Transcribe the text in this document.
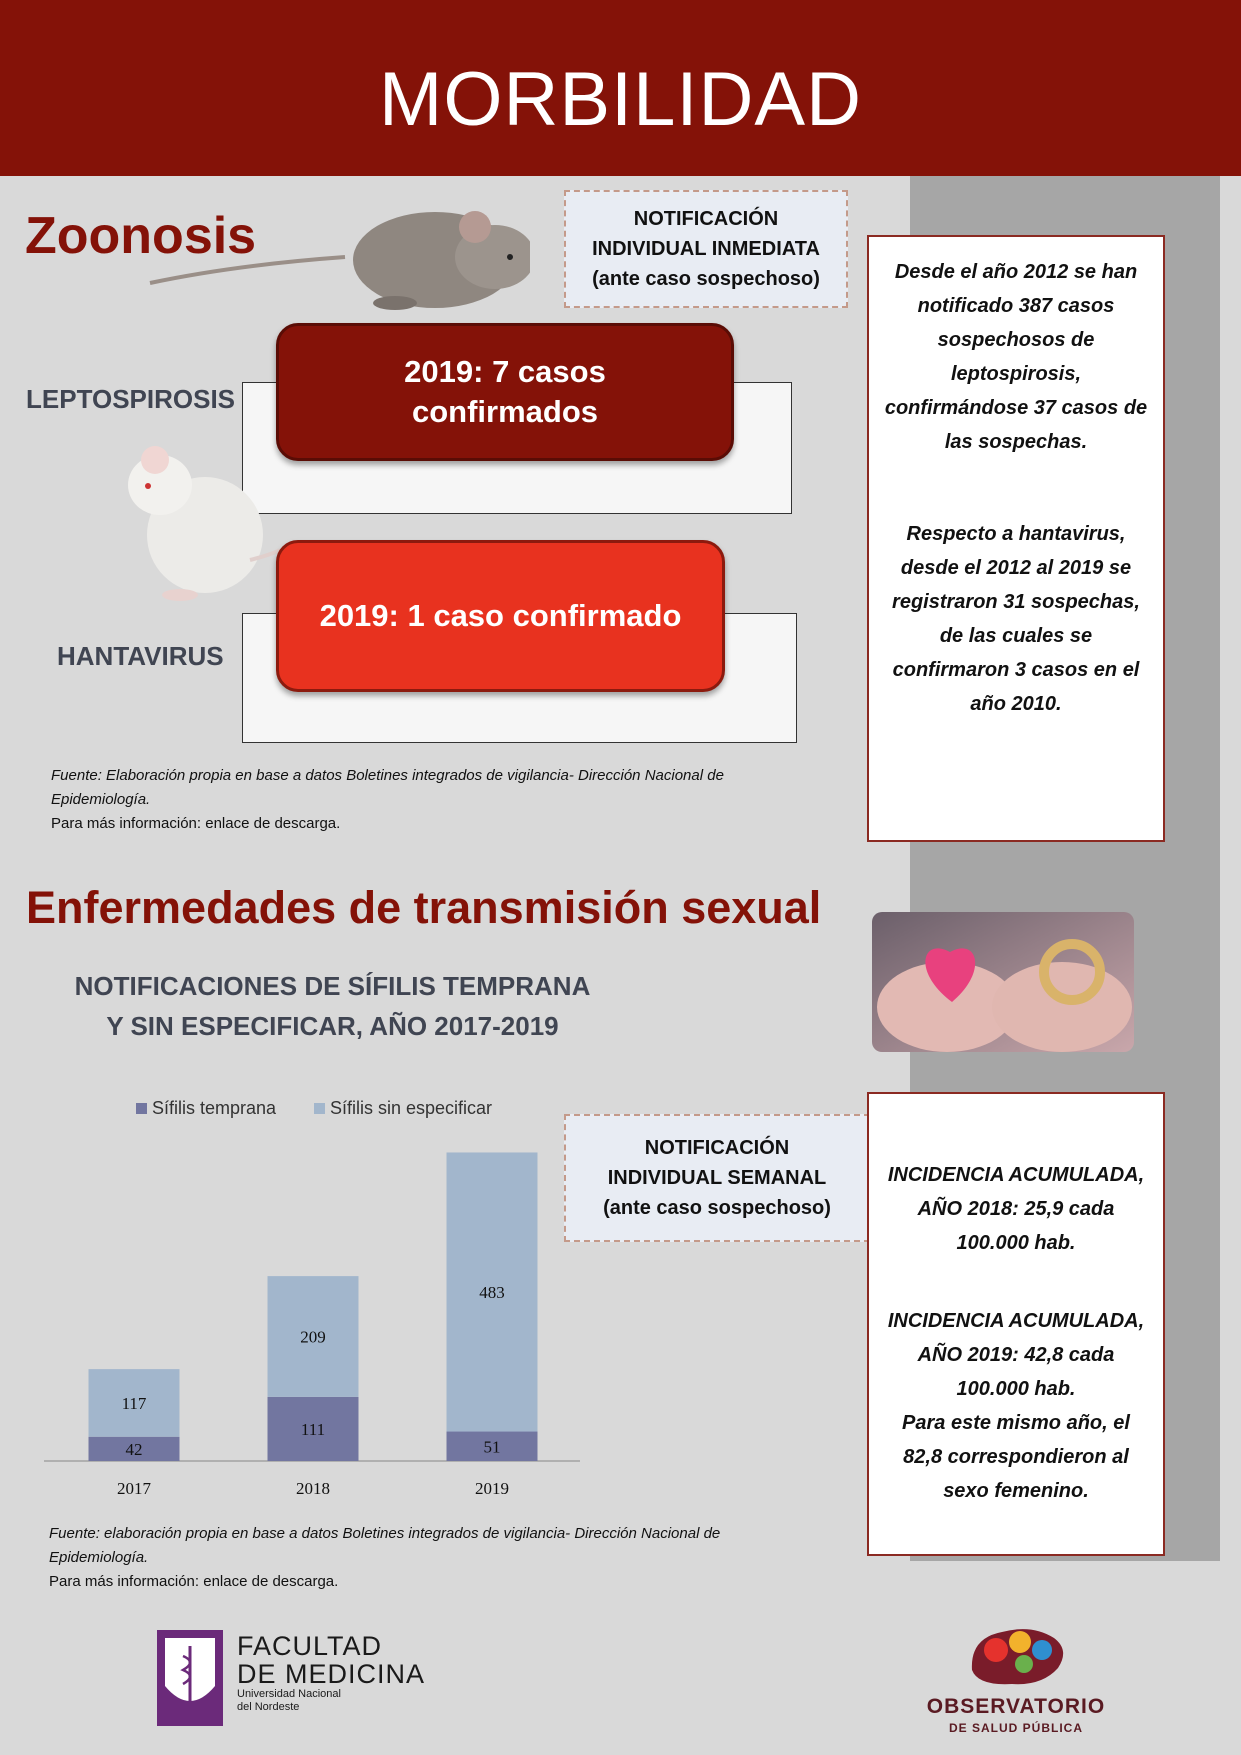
MORBILIDAD
Zoonosis	NOTIFICACIÓN
INDIVIDUAL INMEDIATA
(ante caso sospechoso)
2019: 7 casos
confirmados
LEPTOSPIROSIS
2019: 1 caso confirmado
HANTAVIRUS
Desde el año 2012 se han
notificado 387 casos
sospechosos de
leptospirosis,
confirmándose 37 casos de
las sospechas.
Respecto a hantavirus,
desde el 2012 al 2019 se
registraron 31 sospechas,
de las cuales se
confirmaron 3 casos en el
año 2010.
Fuente: Elaboración propia en base a datos Boletines integrados de vigilancia- Dirección Nacional de
Epidemiología.
Para más información: enlace de descarga.
Enfermedades de transmisión sexual
NOTIFICACIONES DE SÍFILIS TEMPRANA
Y SIN ESPECIFICAR, AÑO 2017-2019
Sífilis temprana	Sífilis sin especificar
42
117
2017
111
209
2018
51
483
2019
NOTIFICACIÓN
INDIVIDUAL SEMANAL
(ante caso sospechoso)
INCIDENCIA ACUMULADA,
AÑO 2018: 25,9 cada
100.000 hab.
INCIDENCIA ACUMULADA,
AÑO 2019: 42,8 cada
100.000 hab.
Para este mismo año, el
82,8 correspondieron al
sexo femenino.
Fuente: elaboración propia en base a datos Boletines integrados de vigilancia- Dirección Nacional de
Epidemiología.
Para más información: enlace de descarga.
FACULTAD
DE MEDICINA
Universidad Nacional
del Nordeste	OBSERVATORIO
DE SALUD PÚBLICA
